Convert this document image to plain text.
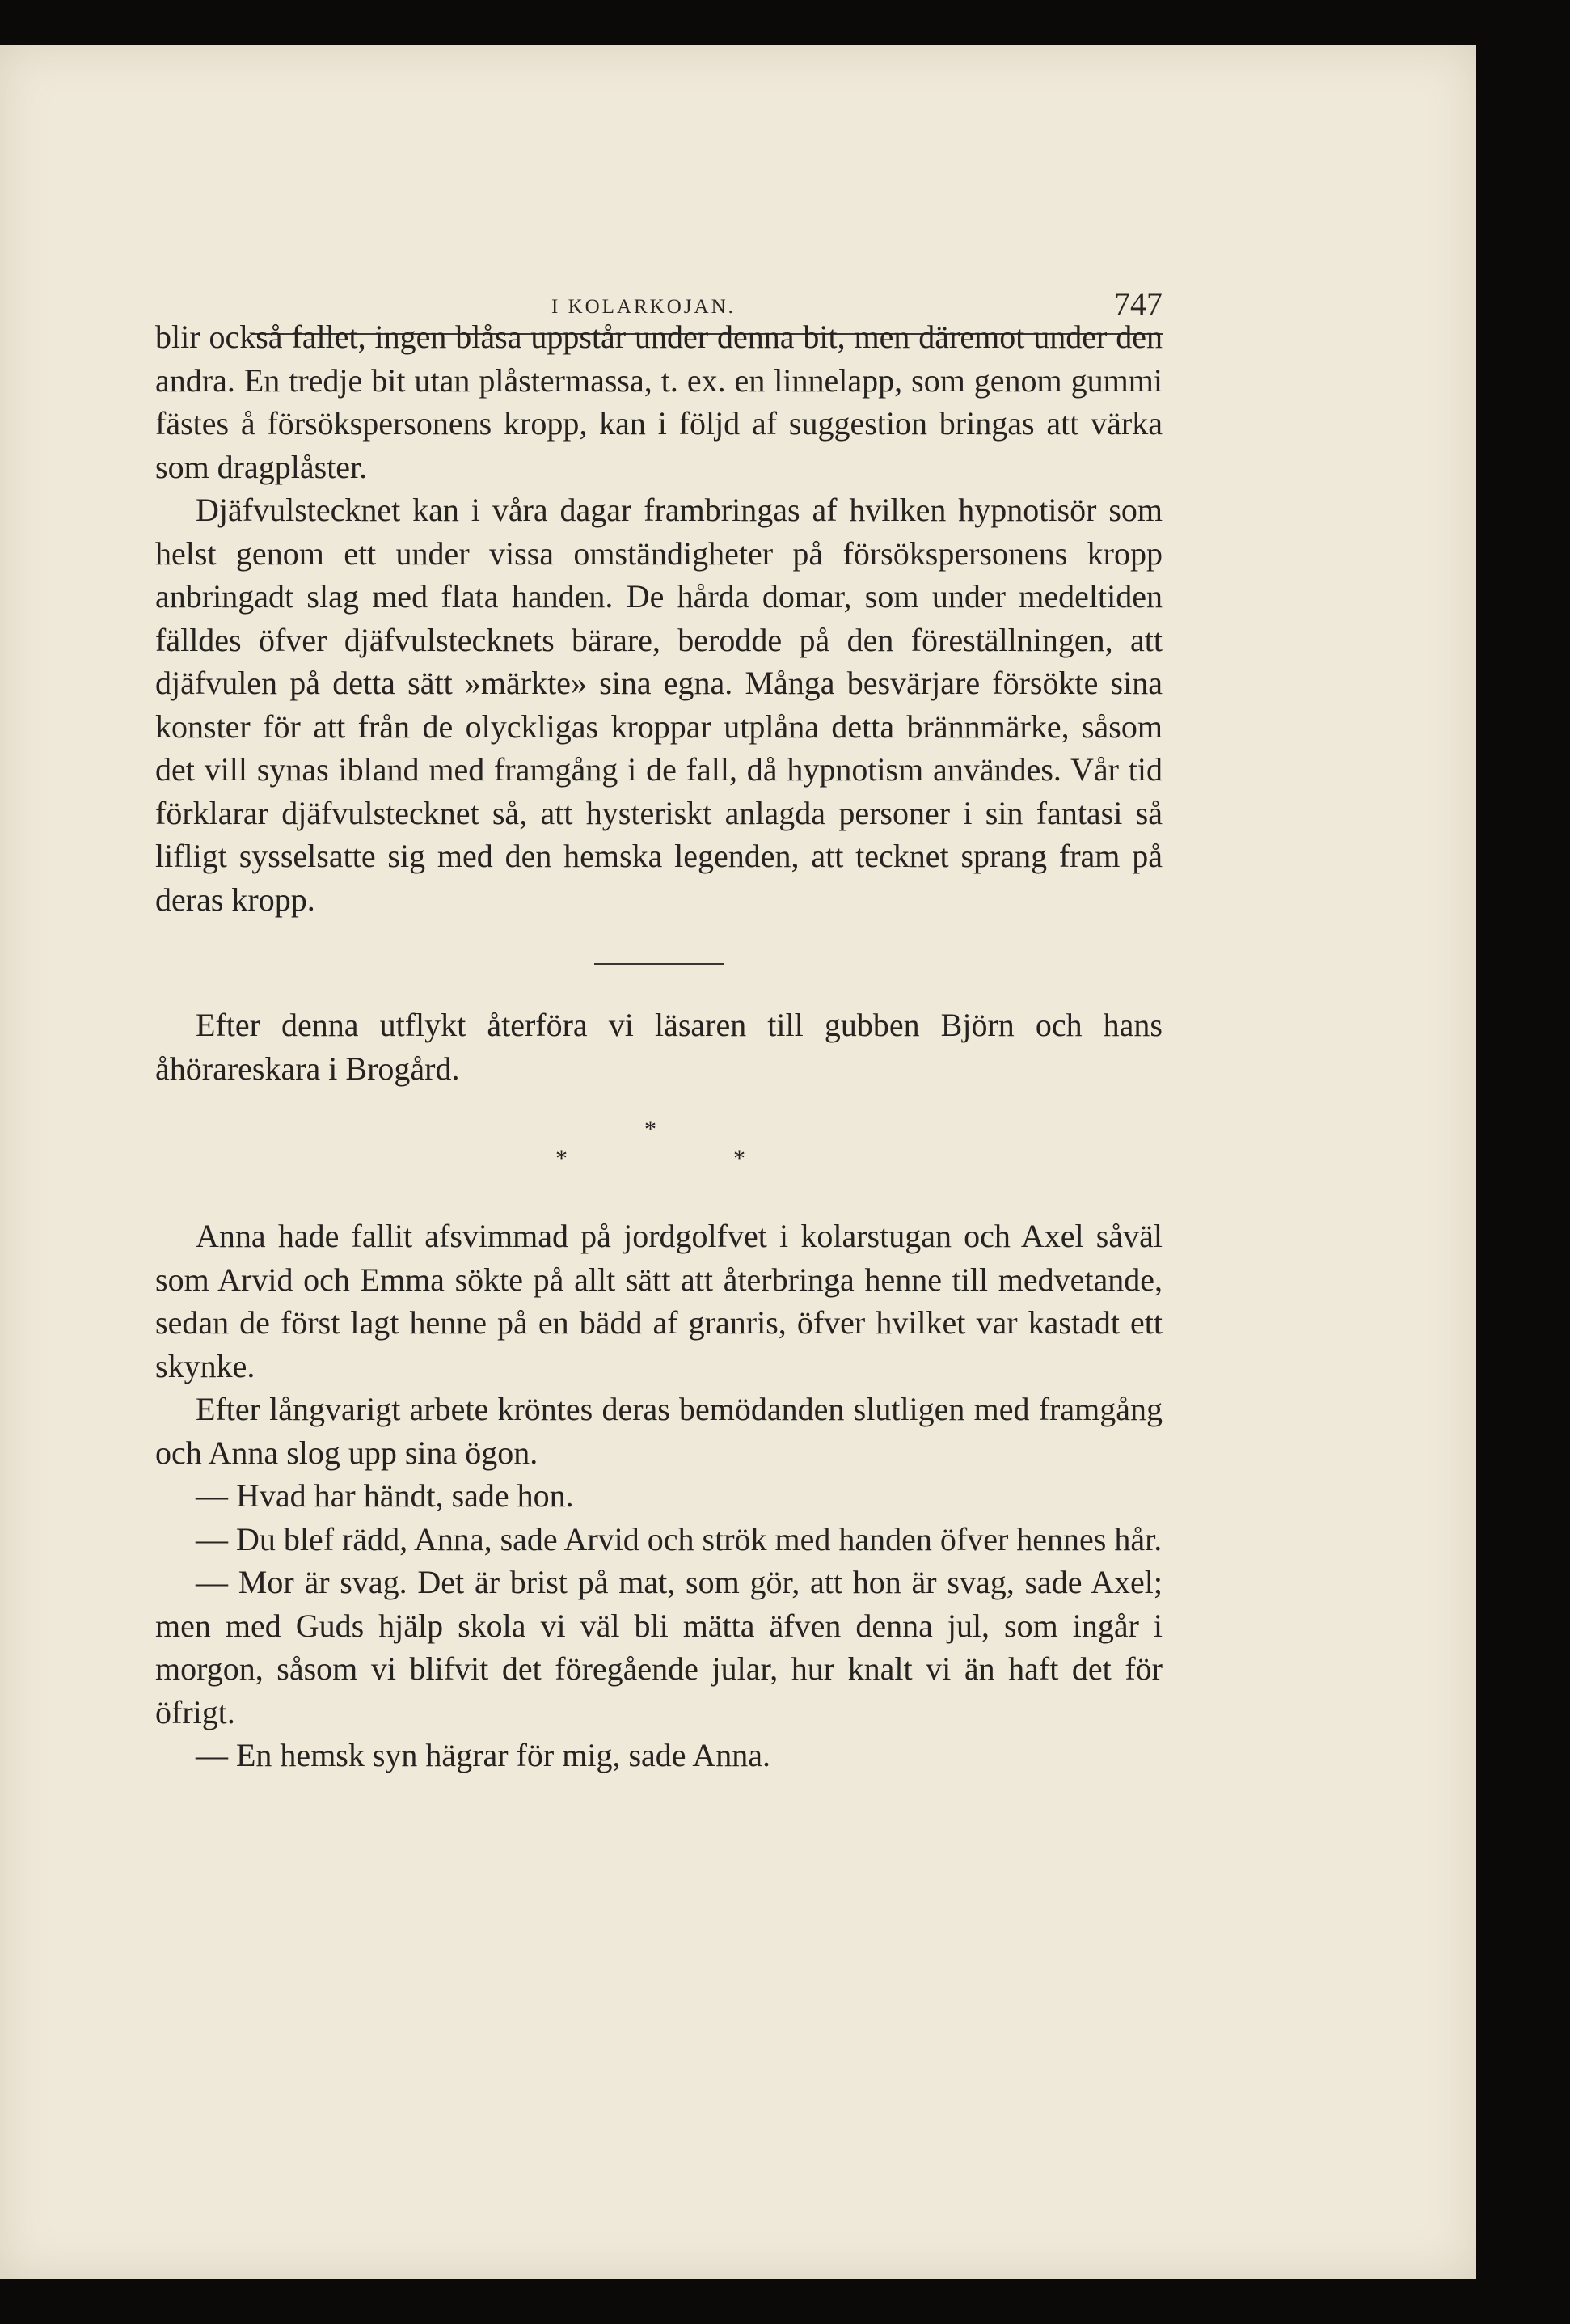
I KOLARKOJAN.	747

blir också fallet, ingen blåsa uppstår under denna bit, men däremot under den andra. En tredje bit utan plåstermassa, t. ex. en linnelapp, som genom gummi fästes å försökspersonens kropp, kan i följd af suggestion bringas att värka som dragplåster.

Djäfvulstecknet kan i våra dagar frambringas af hvilken hypnotisör som helst genom ett under vissa omständigheter på försökspersonens kropp anbringadt slag med flata handen. De hårda domar, som under medeltiden fälldes öfver djäfvulstecknets bärare, berodde på den föreställningen, att djäfvulen på detta sätt »märkte» sina egna. Många besvärjare försökte sina konster för att från de olyckligas kroppar utplåna detta brännmärke, såsom det vill synas ibland med framgång i de fall, då hypnotism användes. Vår tid förklarar djäfvulstecknet så, att hysteriskt anlagda personer i sin fantasi så lifligt sysselsatte sig med den hemska legenden, att tecknet sprang fram på deras kropp.

Efter denna utflykt återföra vi läsaren till gubben Björn och hans åhörareskara i Brogård.

*
*	*

Anna hade fallit afsvimmad på jordgolfvet i kolarstugan och Axel såväl som Arvid och Emma sökte på allt sätt att återbringa henne till medvetande, sedan de först lagt henne på en bädd af granris, öfver hvilket var kastadt ett skynke.

Efter långvarigt arbete kröntes deras bemödanden slutligen med framgång och Anna slog upp sina ögon.

— Hvad har händt, sade hon.

— Du blef rädd, Anna, sade Arvid och strök med handen öfver hennes hår.

— Mor är svag. Det är brist på mat, som gör, att hon är svag, sade Axel; men med Guds hjälp skola vi väl bli mätta äfven denna jul, som ingår i morgon, såsom vi blifvit det föregående jular, hur knalt vi än haft det för öfrigt.

— En hemsk syn hägrar för mig, sade Anna.
